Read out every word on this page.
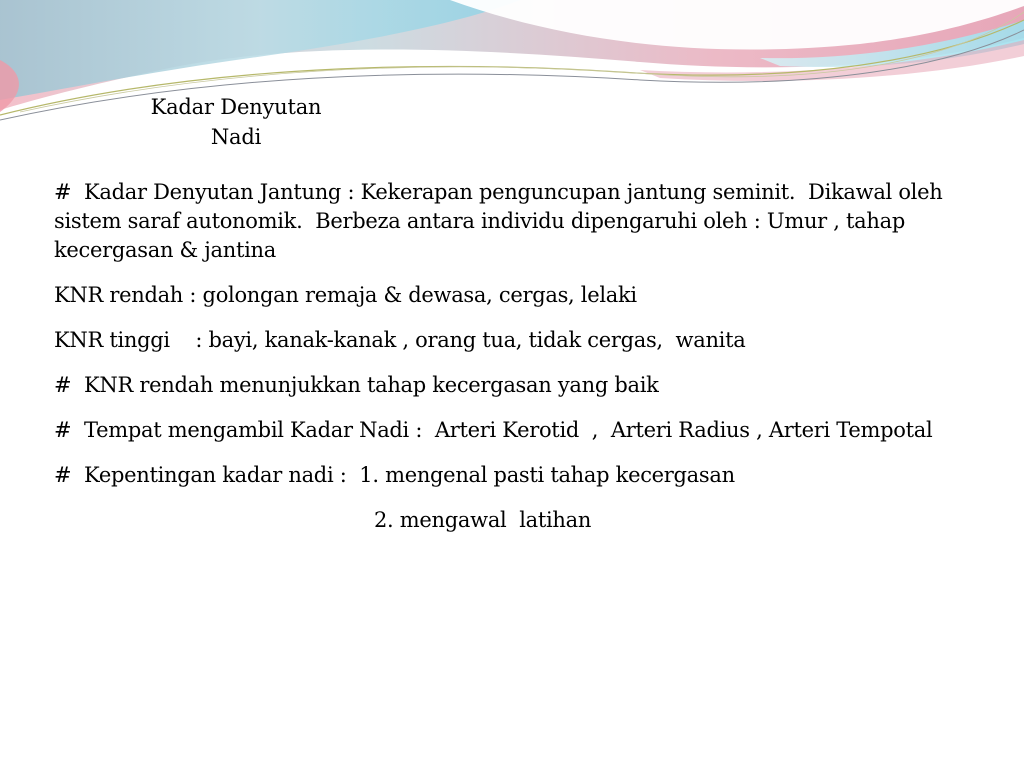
Kadar Denyutan
Nadi

#  Kadar Denyutan Jantung : Kekerapan penguncupan jantung seminit.  Dikawal oleh sistem saraf autonomik.  Berbeza antara individu dipengaruhi oleh : Umur , tahap kecergasan & jantina

KNR rendah : golongan remaja & dewasa, cergas, lelaki

KNR tinggi    : bayi, kanak-kanak , orang tua, tidak cergas,  wanita

#  KNR rendah menunjukkan tahap kecergasan yang baik

#  Tempat mengambil Kadar Nadi :  Arteri Kerotid  ,  Arteri Radius , Arteri Tempotal

#  Kepentingan kadar nadi :  1. mengenal pasti tahap kecergasan

2. mengawal  latihan
